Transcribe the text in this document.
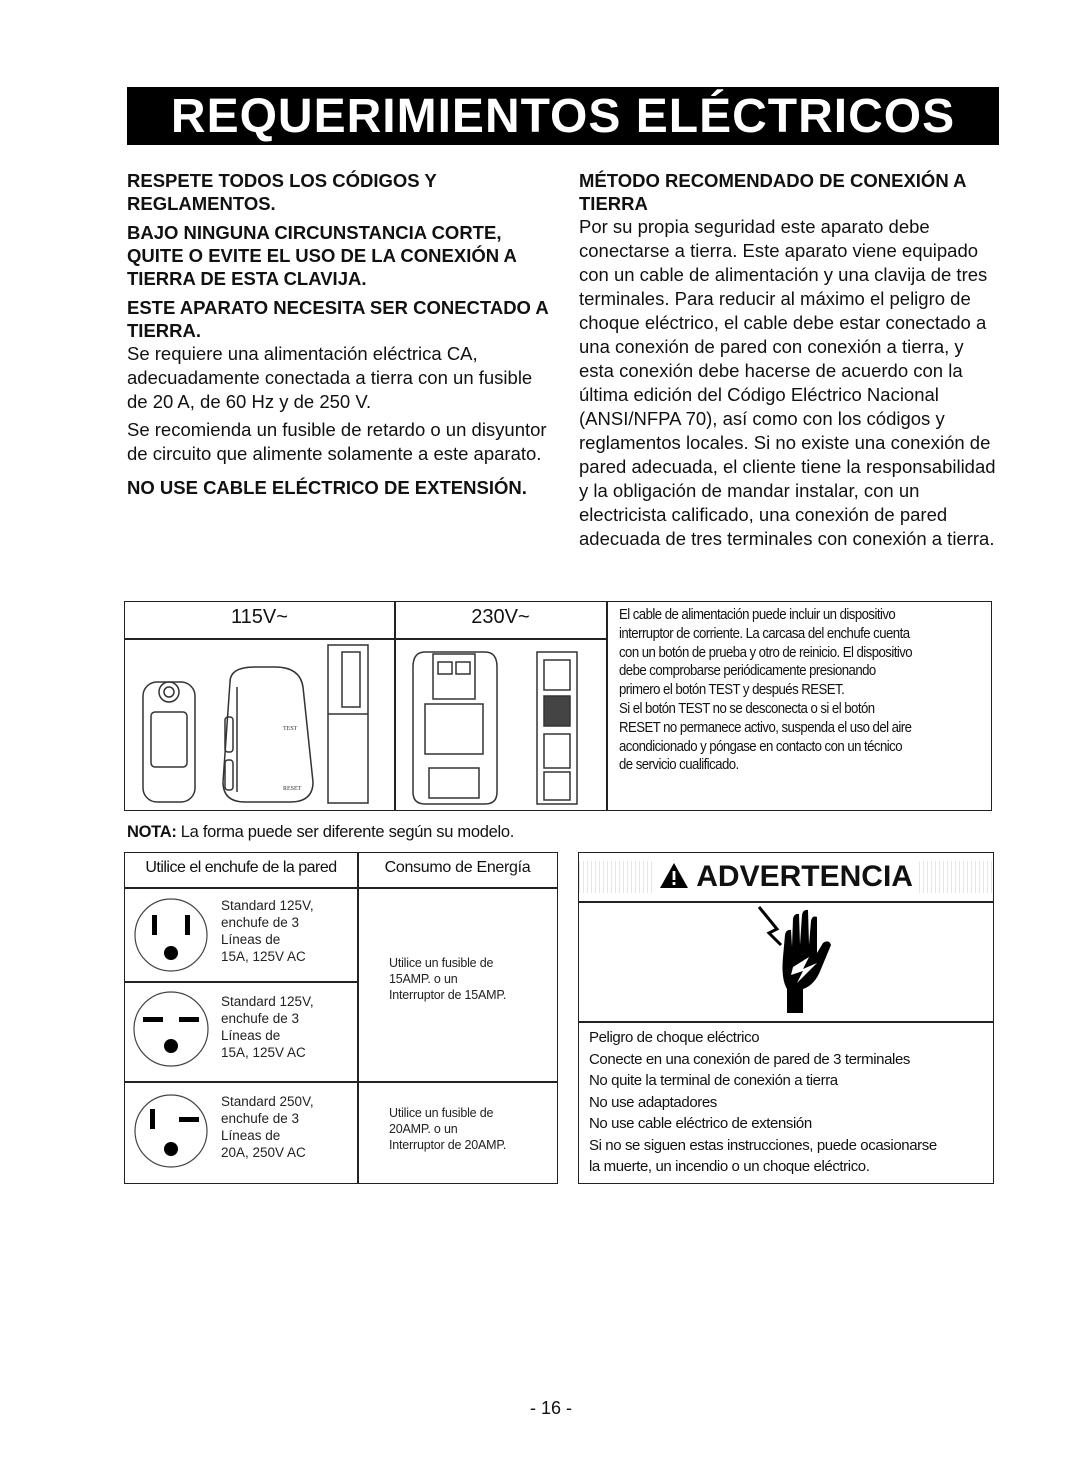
REQUERIMIENTOS ELÉCTRICOS
RESPETE TODOS LOS CÓDIGOS Y REGLAMENTOS.
BAJO NINGUNA CIRCUNSTANCIA CORTE, QUITE O EVITE EL USO DE LA CONEXIÓN A TIERRA DE ESTA CLAVIJA.
ESTE APARATO NECESITA SER CONECTADO A TIERRA.
Se requiere una alimentación eléctrica CA, adecuadamente conectada a tierra con un fusible de 20 A, de 60 Hz y de 250 V.
Se recomienda un fusible de retardo o un disyuntor de circuito que alimente solamente a este aparato.
NO USE CABLE ELÉCTRICO DE EXTENSIÓN.
MÉTODO RECOMENDADO DE CONEXIÓN A TIERRA
Por su propia seguridad este aparato debe conectarse a tierra. Este aparato viene equipado con un cable de alimentación y una clavija de tres terminales. Para reducir al máximo el peligro de choque eléctrico, el cable debe estar conectado a una conexión de pared con conexión a tierra, y esta conexión debe hacerse de acuerdo con la última edición del Código Eléctrico Nacional (ANSI/NFPA 70), así como con los códigos y reglamentos locales. Si no existe una conexión de pared adecuada, el cliente tiene la responsabilidad y la obligación de mandar instalar, con un electricista calificado, una conexión de pared adecuada de tres terminales con conexión a tierra.
115V~	230V~
TEST
RESET
El cable de alimentación puede incluir un dispositivo
interruptor de corriente. La carcasa del enchufe cuenta
con un botón de prueba y otro de reinicio. El dispositivo
debe comprobarse periódicamente presionando
primero el botón TEST y después RESET.
Si el botón TEST no se desconecta o si el botón
RESET no permanece activo, suspenda el uso del aire
acondicionado y póngase en contacto con un técnico
de servicio cualificado.
NOTA: La forma puede ser diferente según su modelo.
Utilice el enchufe de la pared	Consumo de Energía
Standard 125V,
enchufe de 3
Líneas de
15A, 125V AC
Standard 125V,
enchufe de 3
Líneas de
15A, 125V AC
Utilice un fusible de
15AMP. o un
Interruptor de 15AMP.
Standard 250V,
enchufe de 3
Líneas de
20A, 250V AC
Utilice un fusible de
20AMP. o un
Interruptor de 20AMP.
ADVERTENCIA
Peligro de choque eléctrico
Conecte en una conexión de pared de 3 terminales
No quite la terminal de conexión a tierra
No use adaptadores
No use cable eléctrico de extensión
Si no se siguen estas instrucciones, puede ocasionarse
la muerte, un incendio o un choque eléctrico.
- 16 -
